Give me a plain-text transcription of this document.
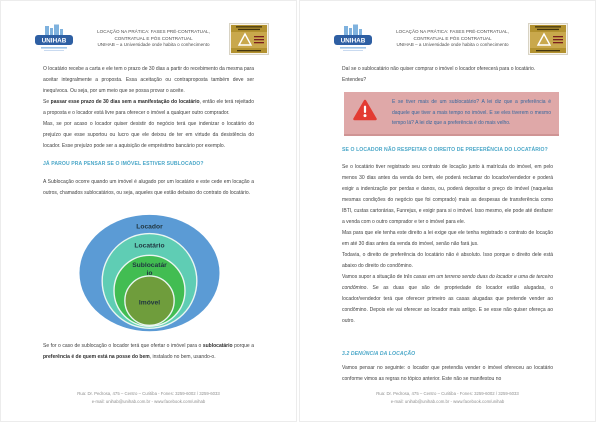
UNIHAB
LOCAÇÃO NA PRÁTICA: FASES PRÉ-CONTRATUAL,
CONTRATUAL E PÓS CONTRATUAL
UNIHAB – a Universidade onde habita o conhecimento

O locatário recebe a carta e ele tem o prazo de 30 dias a partir do recebimento da mesma para aceitar integralmente a proposta. Essa aceitação ou contraproposta também deve ser inequívoca. Ou seja, por um meio que se possa provar o aceite.

Se passar esse prazo de 30 dias sem a manifestação do locatário, então ele terá rejeitado a proposta e o locador está livre para oferecer o imóvel a qualquer outro comprador.

Mas, se por acaso o locador quiser desistir do negócio terá que indenizar o locatário do prejuízo que esse suportou ou lucro que ele deixou de ter em virtude da desistência do locador. Esse prejuízo pode ser a aquisição de empréstimo bancário por exemplo.

JÁ PAROU PRA PENSAR SE O IMÓVEL ESTIVER SUBLOCADO?

A Sublocação ocorre quando um imóvel é alugado por um locatário e este cede em locação a outros, chamados sublocatários, ou seja, aqueles que estão debaixo do contrato do locatário.

Locador
Locatário
Sublocatár
io
Imóvel

Se for o caso de sublocação o locador terá que ofertar o imóvel para o sublocatário porque a preferência é de quem está na posse do bem, instalado no bem, usando-o.

Rua: Dr. Pedrosa, 475 – Centro – Curitiba - Fones: 3259-6002 / 3259-6033
e-mail: unihab@unihab.com.br - www.facebook.com/unihab
UNIHAB
LOCAÇÃO NA PRÁTICA: FASES PRÉ-CONTRATUAL,
CONTRATUAL E PÓS CONTRATUAL
UNIHAB – a Universidade onde habita o conhecimento

Daí se o sublocatário não quiser comprar o imóvel o locador oferecerá para o locatário.

Entendeu?

E se tiver mais de um sublocatário? A lei diz que a preferência é daquele que tiver a mais tempo no imóvel. E se eles tiverem o mesmo tempo lá? A lei diz que a preferência é do mais velho.
SE O LOCADOR NÃO RESPEITAR O DIREITO DE PREFERÊNCIA DO LOCATÁRIO?

Se o locatário tiver registrado seu contrato de locação junto à matrícula do imóvel, em pelo menos 30 dias antes da venda do bem, ele poderá reclamar do locador/vendedor e poderá exigir a indenização por perdas e danos, ou, poderá depositar o preço do imóvel (naquelas mesmas condições do negócio que foi comprado) mais as despesas de transferência como IBTI, custas cartorárias, Funrejus, e exigir para si o imóvel. Isso mesmo, ele pode até desfazer a venda com o outro comprador e ter o imóvel para ele.

Mas para que ele tenha este direito a lei exige que ele tenha registrado o contrato de locação em até 30 dias antes da venda do imóvel, senão não fará jus.

Todavia, o direito de preferência do locatário não é absoluto. Isso porque o direito dele está abaixo do direito do condômino.

Vamos supor a situação de três casas em um terreno sendo duas do locador e uma de terceiro condômino. Se as duas que são de propriedade do locador estão alugadas, o locador/vendedor terá que oferecer primeiro as casas alugadas que pretende vender ao condômino. Depois ele vai oferecer ao locador mais antigo. E se esse não quiser ofereça ao outro.

3.2 DENÚNCIA DA LOCAÇÃO

Vamos pensar no seguinte: o locador que pretendia vender o imóvel ofereceu ao locatário conforme vimos as regras no tópico anterior. Este não se manifestou no

Rua: Dr. Pedrosa, 475 – Centro – Curitiba - Fones: 3259-6002 / 3259-6033
e-mail: unihab@unihab.com.br - www.facebook.com/unihab
